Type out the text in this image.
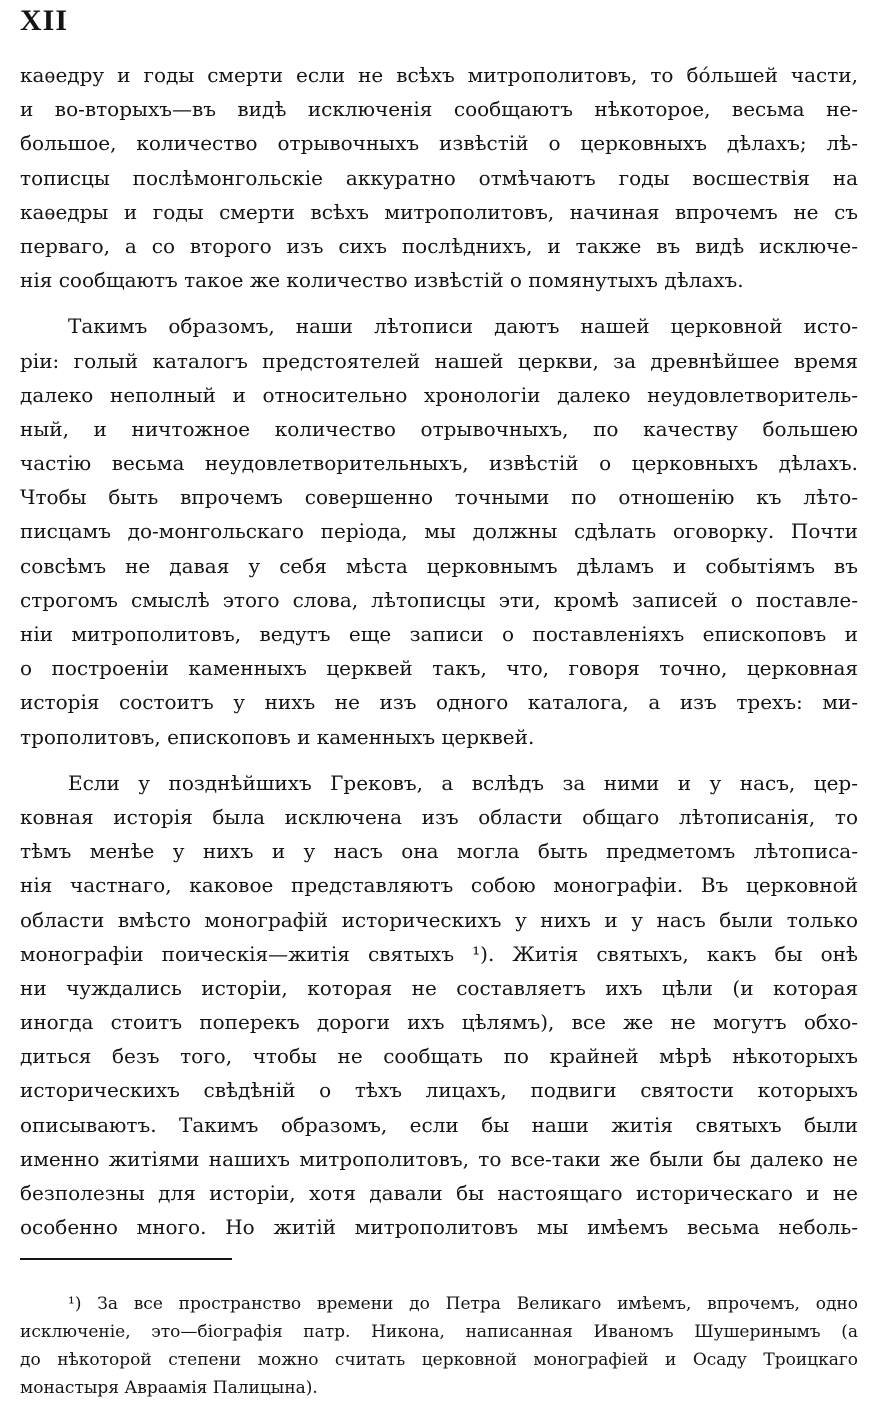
XII
каѳедру и годы смерти если не всѣхъ митрополитовъ, то бо́льшей части,
и во-вторыхъ—въ видѣ исключенія сообщаютъ нѣкоторое, весьма не-
большое, количество отрывочныхъ извѣстій о церковныхъ дѣлахъ; лѣ-
тописцы послѣмонгольскіе аккуратно отмѣчаютъ годы восшествія на
каѳедры и годы смерти всѣхъ митрополитовъ, начиная впрочемъ не съ
перваго, а со второго изъ сихъ послѣднихъ, и также въ видѣ исключе-
нія сообщаютъ такое же количество извѣстій о помянутыхъ дѣлахъ.
Такимъ образомъ, наши лѣтописи даютъ нашей церковной исто-
ріи: голый каталогъ предстоятелей нашей церкви, за древнѣйшее время
далеко неполный и относительно хронологіи далеко неудовлетворитель-
ный, и ничтожное количество отрывочныхъ, по качеству большею
частію весьма неудовлетворительныхъ, извѣстій о церковныхъ дѣлахъ.
Чтобы быть впрочемъ совершенно точными по отношенію къ лѣто-
писцамъ до-монгольскаго періода, мы должны сдѣлать оговорку. Почти
совсѣмъ не давая у себя мѣста церковнымъ дѣламъ и событіямъ въ
строгомъ смыслѣ этого слова, лѣтописцы эти, кромѣ записей о поставле-
ніи митрополитовъ, ведутъ еще записи о поставленіяхъ епископовъ и
о построеніи каменныхъ церквей такъ, что, говоря точно, церковная
исторія состоитъ у нихъ не изъ одного каталога, а изъ трехъ: ми-
трополитовъ, епископовъ и каменныхъ церквей.
Если у позднѣйшихъ Грековъ, а вслѣдъ за ними и у насъ, цер-
ковная исторія была исключена изъ области общаго лѣтописанія, то
тѣмъ менѣе у нихъ и у насъ она могла быть предметомъ лѣтописа-
нія частнаго, каковое представляютъ собою монографіи. Въ церковной
области вмѣсто монографій историческихъ у нихъ и у насъ были только
монографіи поическія—житія святыхъ ¹). Житія святыхъ, какъ бы онѣ
ни чуждались исторіи, которая не составляетъ ихъ цѣли (и которая
иногда стоитъ поперекъ дороги ихъ цѣлямъ), все же не могутъ обхо-
диться безъ того, чтобы не сообщать по крайней мѣрѣ нѣкоторыхъ
историческихъ свѣдѣній о тѣхъ лицахъ, подвиги святости которыхъ
описываютъ. Такимъ образомъ, если бы наши житія святыхъ были
именно житіями нашихъ митрополитовъ, то все-таки же были бы далеко не
безполезны для исторіи, хотя давали бы настоящаго историческаго и не
особенно много. Но житій митрополитовъ мы имѣемъ весьма неболь-
¹) За все пространство времени до Петра Великаго имѣемъ, впрочемъ, одно
исключеніе, это—біографія патр. Никона, написанная Иваномъ Шушеринымъ (а
до нѣкоторой степени можно считать церковной монографіей и Осаду Троицкаго
монастыря Авраамія Палицына).
